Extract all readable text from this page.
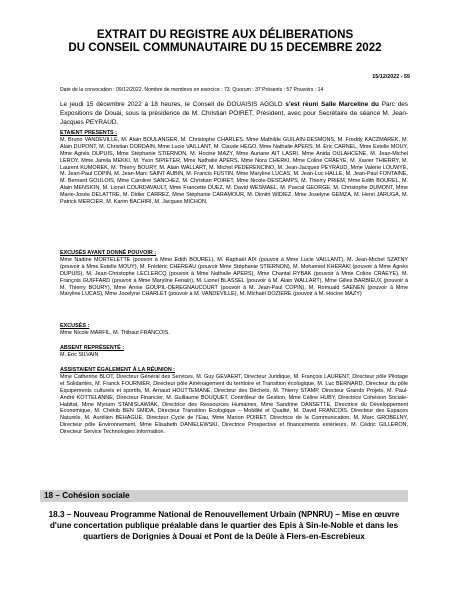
EXTRAIT DU REGISTRE AUX DÉLIBERATIONS
DU CONSEIL COMMUNAUTAIRE DU 15 DECEMBRE 2022
15/12/2022 - 55
Date de la convocation : 09/12/2022. Nombre de membres en exercice : 73. Quorum : 37 Présents : 57 Pouvoirs : 14
Le jeudi 15 décembre 2022 à 18 heures, le Conseil de DOUAISIS AGGLO s'est réuni Salle Marceline du Parc des Expositions de Douai, sous la présidence de M. Christian POIRET, Président, avec pour Secrétaire de séance M. Jean-Jacques PEYRAUD.
ETAIENT PRESENTS :
M. Bruno VANDEVILLE, M. Alain BOULANGER, M. Christophe CHARLES, Mme Mathilde GUILAIN-DESMONS, M. Freddy KACZMAREK, M. Alain DUPONT, M. Christian DORDAIN, Mme Lucie VAILLANT, M. Claude HEGO, Mme Nathalie APERS, M. Eric CARNEL, Mme Estelle MOUY, Mme Agnès DUPUIS, Mme Stéphanie STIERNON, M. Hocine MAZY, Mme Auriane AIT LASRI, Mme Anida OULAHCENE, M. Jean-Michel LEROY, Mme Jamila MEKKI, M. Yvon SIPIETER, Mme Nathalie APERS, Mme Nora CHERKI, Mme Coline CRAEYE, M. Xavier THIERRY, M. Laurent KUMOREK, M. Thierry BOURY, M. Alain WALLART, M. Michel PEDERENCINO, M. Jean-Jacques PEYRAUD, Mme Valérie LOUWYE, M. Jean-Paul COPIN, M. Jean-Marc SAINT AUBIN, M. Francis FUSTIN, Mme Maryline LUCAS, M. Jean-Luc HALLE, M. Jean-Paul FONTAINE, M. Bernard GOULOIS, Mme Caroline SANCHEZ, M. Christian POIRET, Mme Nicole-DESCAMPS, M. Thierry PRIEM, Mme Edith BOUREL, M. Alain MENSION, M. Lionel COURDAVAULT, Mme Francette DUEZ, M. David WESMAEL, M. Pascal GEORGE, M. Christophe DUMONT, Mme Marie-Josée DELATTRE, M. Didier CARREZ, Mme Stéphanie CARAMOUR, M. Dimitri WIDIEZ, Mme Joselyne GEMZA, M. Henri JARUGA, M. Patrick MERCIER, M. Karim BACHIRI, M. Jacques MICHON.
EXCUSÉS AYANT DONNÉ POUVOIR :
Mme Nadine MORTELETTE (pouvoir à Mme Edith BOUREL), M. Raphaël AIX (pouvoir à Mme Lucie VAILLANT), M. Jean-Michel SZATNY (pouvoir à Mme Estelle MOUY), M. Frédéric CHEREAU (pouvoir Mme Stéphanie STIERNON), M. Mohamed KHERAKI (pouvoir à Mme Agnès DUPUIS), M. Jean-Christophe LECLERCQ (pouvoir à Mme Nathalie APERS), Mme Chantal RYBAK (pouvoir à Mme Coline CRAEYE), M. François GUIFFARD (pouvoir à Mme Maryline Fenain), M. Lionel BLASSEL (pouvoir à M. Alain WALLART), Mme Gilles BARBIEUX (pouvoir à M. Thierry BOURY), Mme Annie GOUPIL-DEREGNAUCOURT (pouvoir à M. Jean-Paul COPIN), M. Romuald SAENEN (pouvoir à Mme Maryline LUCAS), Mme Jocelyne CHARLET (pouvoir à M. VANDEVILLE), M. Michaël DOZIERE (pouvoir à M. Hocine MAZY)
EXCUSÉS :
Mme Nicole MARFIL, M. Thibaut FRANCOIS.
ABSENT REPRÉSENTÉ :
M. Eric SILVAIN
ASSISTAIENT ÉGALEMENT À LA RÉUNION :
Mme Catherine BLOT, Directeur Général des Services, M. Guy GEVAERT, Directeur Juridique, M. François LAURENT, Directeur pôle Pilotage et Solidarités, M. Franck FOURNIER, Directeur pôle Aménagement du territoire et Transition écologique, M. Luc BERNARD, Directeur du pôle Equipements culturels et sportifs, M. Arnaud HOUTTEMANE, Directeur des Déchets, M. Thierry STAMP, Directeur Grands Projets, M. Paul-André KOTTELANNE, Directeur Financier, M. Guillaume BOUQUET, Contrôleur de Gestion, Mme Céline HUBY, Directrice Cohésion Sociale-Habitat, Mme Myriam STANISLAWIAK, Directrice des Ressources Humaines, Mme Sandrine DANSETTE, Directrice du Développement Economique, M. Chékib BEN SMIDA, Directeur Transition Ecologique – Mobilité et Qualité, M. David FRANCOIS, Directeur des Espaces Naturels, M. Aurélien BEHAGUE, Directeur Cycle de l'Eau, Mme Marion POIRET, Directrice de la Communication, M. Marc GROBELNY, Directeur pôle Environnement, Mme Elisabeth DANIELEWSKI, Directrice Prospective et financements extérieurs, M. Cédric GILLERON, Directeur Service Technologies Information.
18 – Cohésion sociale
18.3 – Nouveau Programme National de Renouvellement Urbain (NPNRU) – Mise en œuvre d'une concertation publique préalable dans le quartier des Epis à Sin-le-Noble et dans les quartiers de Dorignies à Douai et Pont de la Deûle à Flers-en-Escrebieux
